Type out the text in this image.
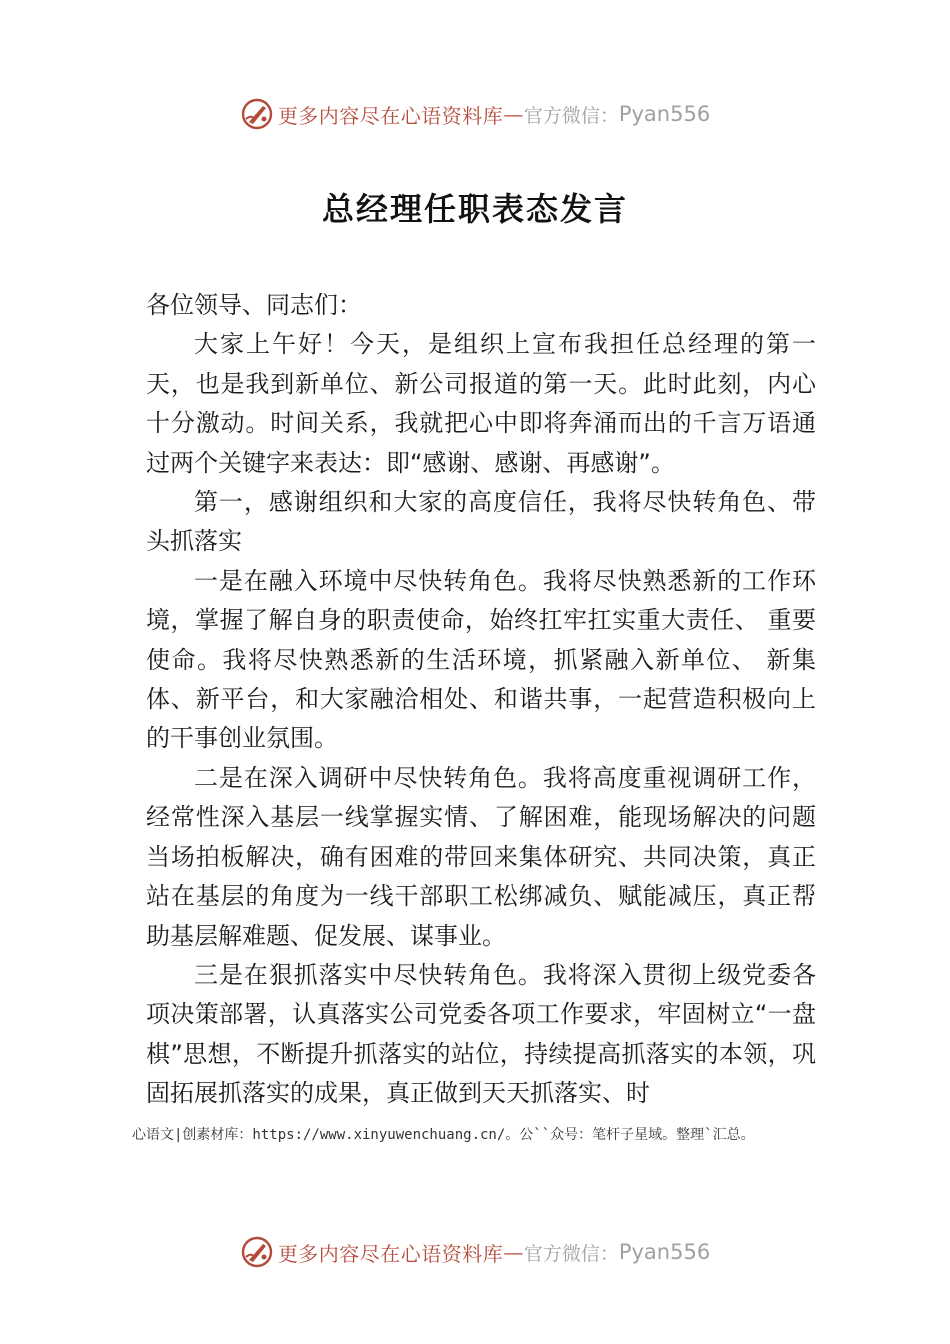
更多内容尽在心语资料库 — 官方微信： Pyan556
总经理任职表态发言

各位领导、同志们：

大家上午好！今天，是组织上宣布我担任总经理的第一天，也是我到新单位、新公司报道的第一天。此时此刻，内心十分激动。时间关系，我就把心中即将奔涌而出的千言万语通过两个关键字来表达：即“感谢、感谢、再感谢”。

第一，感谢组织和大家的高度信任，我将尽快转角色、带头抓落实

一是在融入环境中尽快转角色。我将尽快熟悉新的工作环境，掌握了解自身的职责使命，始终扛牢扛实重大责任、 重要使命。我将尽快熟悉新的生活环境，抓紧融入新单位、 新集体、新平台，和大家融洽相处、和谐共事，一起营造积极向上的干事创业氛围。

二是在深入调研中尽快转角色。我将高度重视调研工作，经常性深入基层一线掌握实情、了解困难，能现场解决的问题当场拍板解决，确有困难的带回来集体研究、共同决策，真正站在基层的角度为一线干部职工松绑减负、赋能减压，真正帮助基层解难题、促发展、谋事业。

三是在狠抓落实中尽快转角色。我将深入贯彻上级党委各项决策部署，认真落实公司党委各项工作要求，牢固树立“一盘棋”思想，不断提升抓落实的站位，持续提高抓落实的本领，巩固拓展抓落实的成果，真正做到天天抓落实、时

心语文|创素材库：https://www.xinyuwenchuang.cn/。公``众号：笔杆子星域。整理`汇总。
更多内容尽在心语资料库 — 官方微信： Pyan556
